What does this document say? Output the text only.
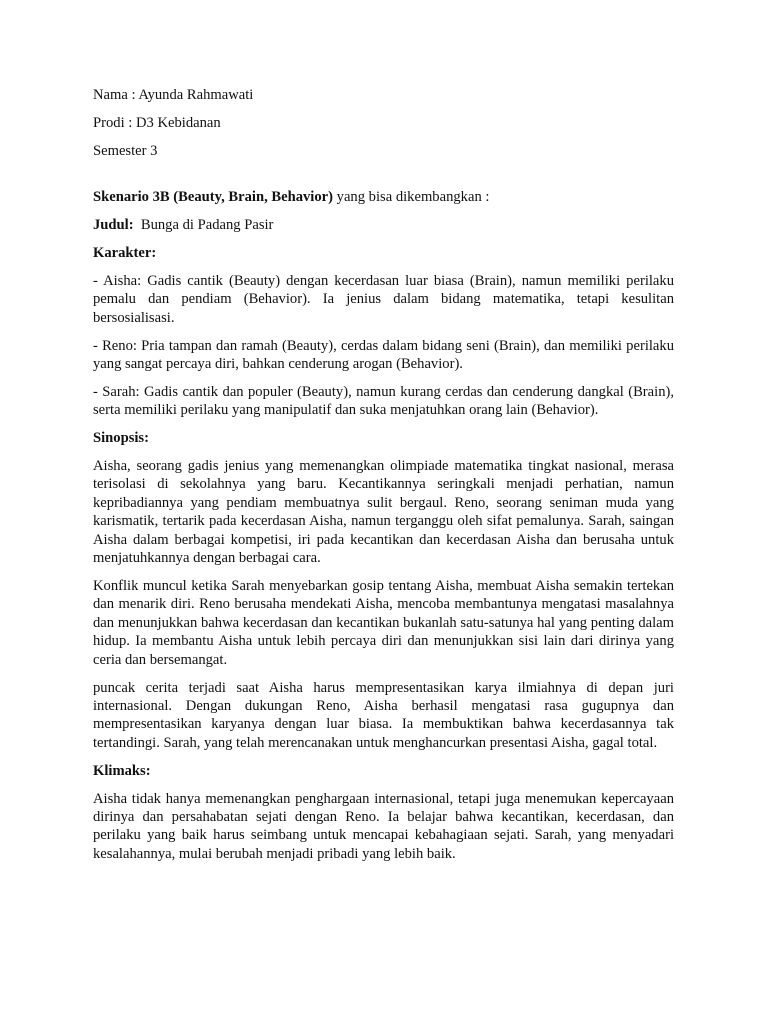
Nama : Ayunda Rahmawati

Prodi : D3 Kebidanan

Semester 3

Skenario 3B (Beauty, Brain, Behavior) yang bisa dikembangkan :

Judul:  Bunga di Padang Pasir

Karakter:

- Aisha: Gadis cantik (Beauty) dengan kecerdasan luar biasa (Brain), namun memiliki perilaku pemalu dan pendiam (Behavior). Ia jenius dalam bidang matematika, tetapi kesulitan bersosialisasi.

- Reno: Pria tampan dan ramah (Beauty), cerdas dalam bidang seni (Brain), dan memiliki perilaku yang sangat percaya diri, bahkan cenderung arogan (Behavior).

- Sarah: Gadis cantik dan populer (Beauty), namun kurang cerdas dan cenderung dangkal (Brain), serta memiliki perilaku yang manipulatif dan suka menjatuhkan orang lain (Behavior).

Sinopsis:

Aisha, seorang gadis jenius yang memenangkan olimpiade matematika tingkat nasional, merasa terisolasi di sekolahnya yang baru. Kecantikannya seringkali menjadi perhatian, namun kepribadiannya yang pendiam membuatnya sulit bergaul. Reno, seorang seniman muda yang karismatik, tertarik pada kecerdasan Aisha, namun terganggu oleh sifat pemalunya. Sarah, saingan Aisha dalam berbagai kompetisi, iri pada kecantikan dan kecerdasan Aisha dan berusaha untuk menjatuhkannya dengan berbagai cara.

Konflik muncul ketika Sarah menyebarkan gosip tentang Aisha, membuat Aisha semakin tertekan dan menarik diri. Reno berusaha mendekati Aisha, mencoba membantunya mengatasi masalahnya dan menunjukkan bahwa kecerdasan dan kecantikan bukanlah satu-satunya hal yang penting dalam hidup. Ia membantu Aisha untuk lebih percaya diri dan menunjukkan sisi lain dari dirinya yang ceria dan bersemangat.

puncak cerita terjadi saat Aisha harus mempresentasikan karya ilmiahnya di depan juri internasional. Dengan dukungan Reno, Aisha berhasil mengatasi rasa gugupnya dan mempresentasikan karyanya dengan luar biasa. Ia membuktikan bahwa kecerdasannya tak tertandingi. Sarah, yang telah merencanakan untuk menghancurkan presentasi Aisha, gagal total.

Klimaks:

Aisha tidak hanya memenangkan penghargaan internasional, tetapi juga menemukan kepercayaan dirinya dan persahabatan sejati dengan Reno. Ia belajar bahwa kecantikan, kecerdasan, dan perilaku yang baik harus seimbang untuk mencapai kebahagiaan sejati. Sarah, yang menyadari kesalahannya, mulai berubah menjadi pribadi yang lebih baik.
